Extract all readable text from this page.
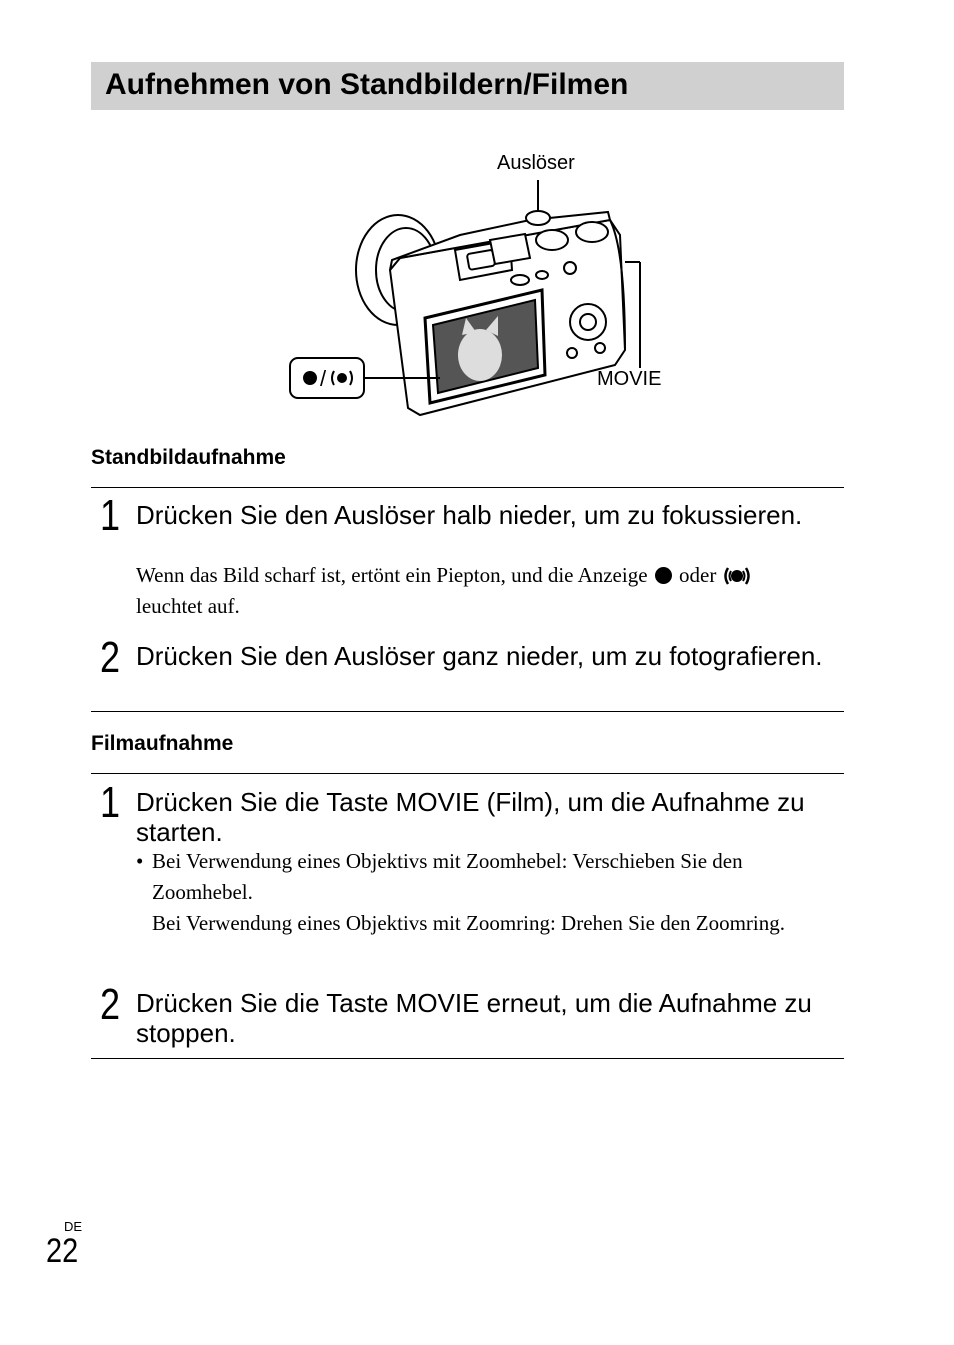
Aufnehmen von Standbildern/Filmen
Auslöser
MOVIE
/
Standbildaufnahme
1 Drücken Sie den Auslöser halb nieder, um zu fokussieren.
Wenn das Bild scharf ist, ertönt ein Piepton, und die Anzeige oder
leuchtet auf.
2 Drücken Sie den Auslöser ganz nieder, um zu fotografieren.
Filmaufnahme
1 Drücken Sie die Taste MOVIE (Film), um die Aufnahme zu starten.
• Bei Verwendung eines Objektivs mit Zoomhebel: Verschieben Sie den Zoomhebel.
Bei Verwendung eines Objektivs mit Zoomring: Drehen Sie den Zoomring.
2 Drücken Sie die Taste MOVIE erneut, um die Aufnahme zu stoppen.
DE
22
